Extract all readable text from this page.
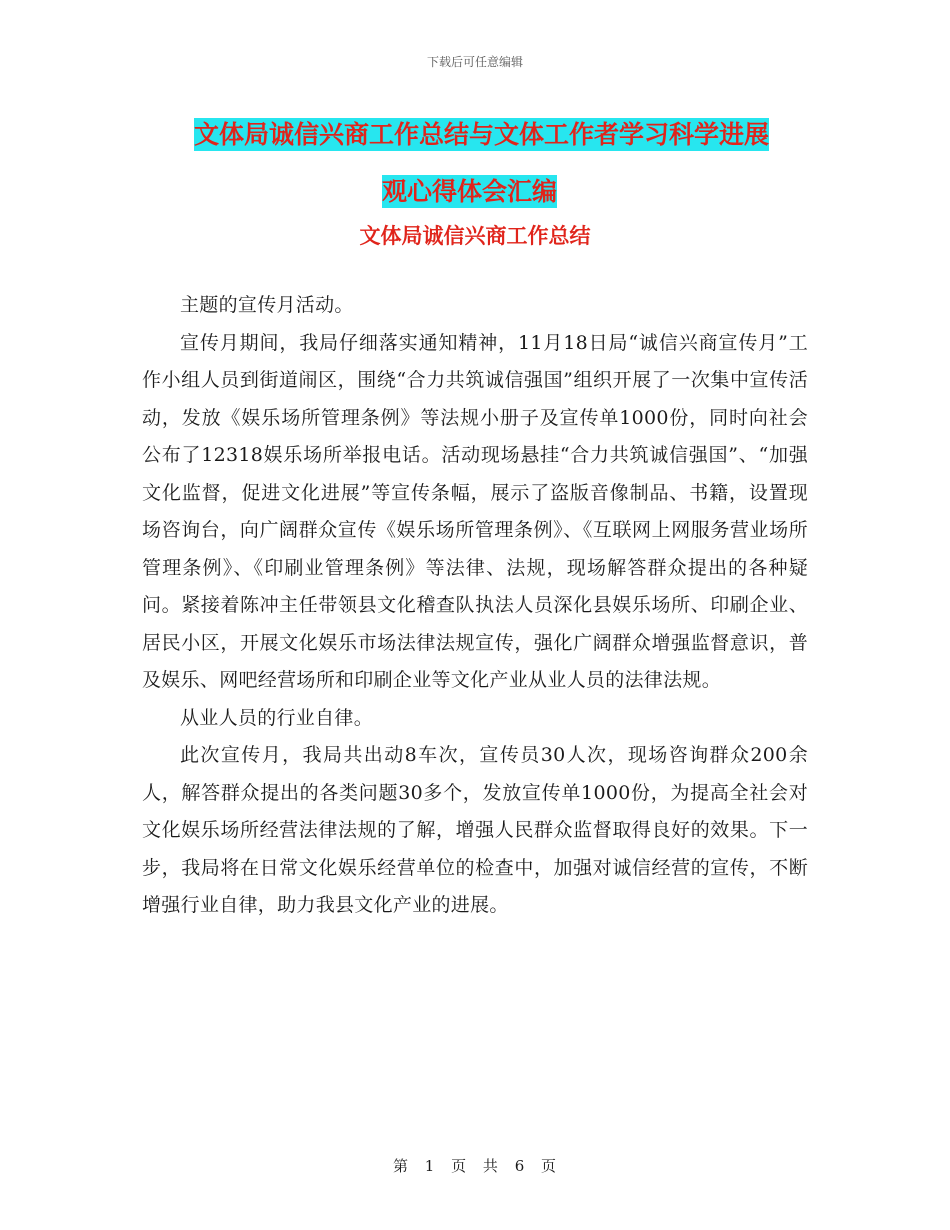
下载后可任意编辑
文体局诚信兴商工作总结与文体工作者学习科学进展
观心得体会汇编
文体局诚信兴商工作总结

主题的宣传月活动。

宣传月期间，我局仔细落实通知精神，11月18日局“诚信兴商宣传月”工作小组人员到街道闹区，围绕“合力共筑诚信强国”组织开展了一次集中宣传活动，发放《娱乐场所管理条例》等法规小册子及宣传单1000份，同时向社会公布了12318娱乐场所举报电话。活动现场悬挂“合力共筑诚信强国”、“加强文化监督，促进文化进展”等宣传条幅，展示了盗版音像制品、书籍，设置现场咨询台，向广阔群众宣传《娱乐场所管理条例》、《互联网上网服务营业场所管理条例》、《印刷业管理条例》等法律、法规，现场解答群众提出的各种疑问。紧接着陈冲主任带领县文化稽查队执法人员深化县娱乐场所、印刷企业、居民小区，开展文化娱乐市场法律法规宣传，强化广阔群众增强监督意识，普及娱乐、网吧经营场所和印刷企业等文化产业从业人员的法律法规。

从业人员的行业自律。

此次宣传月，我局共出动8车次，宣传员30人次，现场咨询群众200余人，解答群众提出的各类问题30多个，发放宣传单1000份，为提高全社会对文化娱乐场所经营法律法规的了解，增强人民群众监督取得良好的效果。下一步，我局将在日常文化娱乐经营单位的检查中，加强对诚信经营的宣传，不断增强行业自律，助力我县文化产业的进展。

第 1 页 共 6 页
